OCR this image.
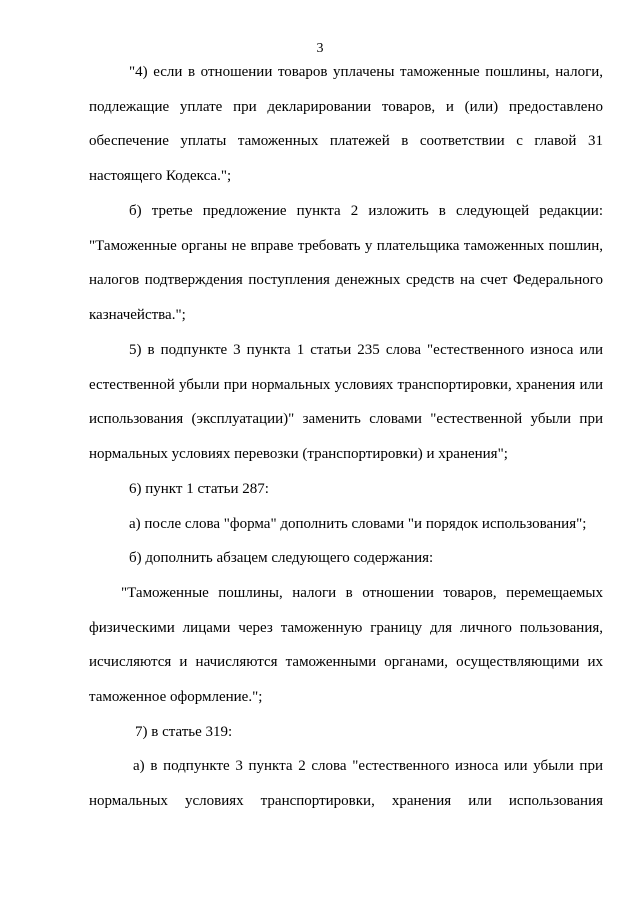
3

"4) если в отношении товаров уплачены таможенные пошлины, налоги, подлежащие уплате при декларировании товаров, и (или) предоставлено обеспечение уплаты таможенных платежей в соответствии с главой 31 настоящего Кодекса.";

б) третье предложение пункта 2 изложить в следующей редакции: "Таможенные органы не вправе требовать у плательщика таможенных пошлин, налогов подтверждения поступления денежных средств на счет Федерального казначейства.";

5) в подпункте 3 пункта 1 статьи 235 слова "естественного износа или естественной убыли при нормальных условиях транспортировки, хранения или использования (эксплуатации)" заменить словами "естественной убыли при нормальных условиях перевозки (транспортировки) и хранения";

6) пункт 1 статьи 287:

а) после слова "форма" дополнить словами "и порядок использования";

б) дополнить абзацем следующего содержания:

"Таможенные пошлины, налоги в отношении товаров, перемещаемых физическими лицами через таможенную границу для личного пользования, исчисляются и начисляются таможенными органами, осуществляющими их таможенное оформление.";

7) в статье 319:

а) в подпункте 3 пункта 2 слова "естественного износа или убыли при нормальных условиях транспортировки, хранения или использования
